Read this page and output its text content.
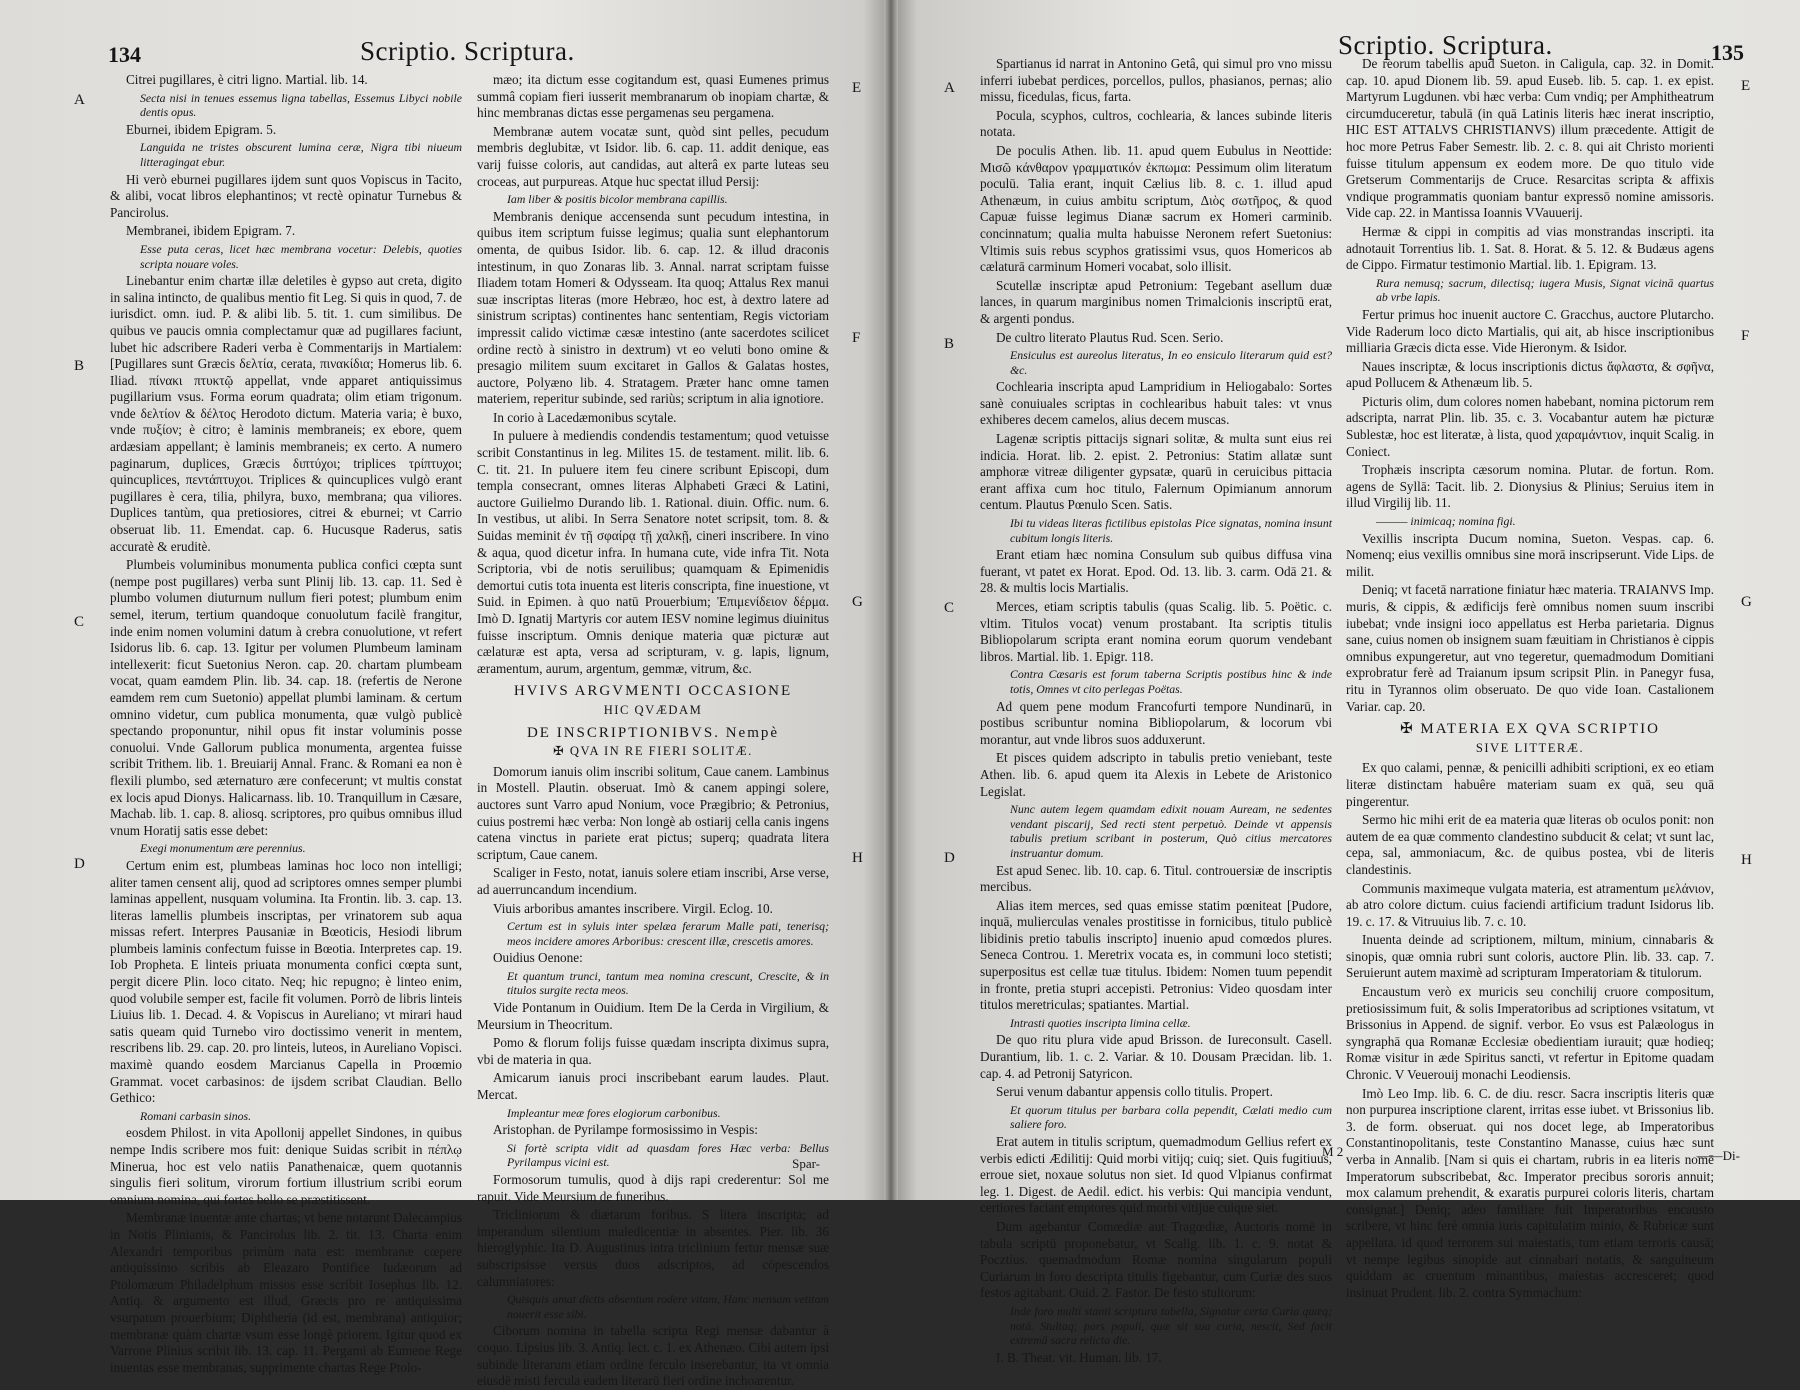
134	Scriptio. Scriptura.
A
B
C
D
E
F
G
H

Citrei pugillares, è citri ligno. Martial. lib. 14.

Secta nisi in tenues essemus ligna tabellas, Essemus Libyci nobile dentis opus.

Eburnei, ibidem Epigram. 5.

Languida ne tristes obscurent lumina ceræ, Nigra tibi niueum litteragingat ebur.

Hi verò eburnei pugillares ijdem sunt quos Vopiscus in Tacito, & alibi, vocat libros elephantinos; vt rectè opinatur Turnebus & Pancirolus.

Membranei, ibidem Epigram. 7.

Esse puta ceras, licet hæc membrana vocetur: Delebis, quoties scripta nouare voles.

Linebantur enim chartæ illæ deletiles è gypso aut creta, digito in salina intincto, de qualibus mentio fit Leg. Si quis in quod, 7. de iurisdict. omn. iud. P. & alibi lib. 5. tit. 1. cum similibus. De quibus ve paucis omnia complectamur quæ ad pugillares faciunt, lubet hic adscribere Raderi verba è Commentarijs in Martialem: [Pugillares sunt Græcis δελτία, cerata, πινακίδια; Homerus lib. 6. Iliad. πίνακι πτυκτῷ appellat, vnde apparet antiquissimus pugillarium vsus. Forma eorum quadrata; olim etiam trigonum. vnde δελτίον & δέλτος Herodoto dictum. Materia varia; è buxo, vnde πυξίον; è citro; è laminis membraneis; ex ebore, quem ardæsiam appellant; è laminis membraneis; ex certo. A numero paginarum, duplices, Græcis διπτύχοι; triplices τρίπτυχοι; quincuplices, πεντάπτυχοι. Triplices & quincuplices vulgò erant pugillares è cera, tilia, philyra, buxo, membrana; qua viliores. Duplices tantùm, qua pretiosiores, citrei & eburnei; vt Carrio obseruat lib. 11. Emendat. cap. 6. Hucusque Raderus, satis accuratè & eruditè.

Plumbeis voluminibus monumenta publica confici cœpta sunt (nempe post pugillares) verba sunt Plinij lib. 13. cap. 11. Sed è plumbo volumen diuturnum nullum fieri potest; plumbum enim semel, iterum, tertium quandoque conuolutum facilè frangitur, inde enim nomen volumini datum à crebra conuolutione, vt refert Isidorus lib. 6. cap. 13. Igitur per volumen Plumbeum laminam intellexerit: ficut Suetonius Neron. cap. 20. chartam plumbeam vocat, quam eamdem Plin. lib. 34. cap. 18. (refertis de Nerone eamdem rem cum Suetonio) appellat plumbi laminam. & certum omnino videtur, cum publica monumenta, quæ vulgò publicè spectando proponuntur, nihil opus fit instar voluminis posse conuolui. Vnde Gallorum publica monumenta, argentea fuisse scribit Trithem. lib. 1. Breuiarij Annal. Franc. & Romani ea non è flexili plumbo, sed æternaturo ære confecerunt; vt multis constat ex locis apud Dionys. Halicarnass. lib. 10. Tranquillum in Cæsare, Machab. lib. 1. cap. 8. aliosq. scriptores, pro quibus omnibus illud vnum Horatij satis esse debet:

Exegi monumentum ære perennius.

Certum enim est, plumbeas laminas hoc loco non intelligi; aliter tamen censent alij, quod ad scriptores omnes semper plumbi laminas appellent, nusquam volumina. Ita Frontin. lib. 3. cap. 13. literas lamellis plumbeis inscriptas, per vrinatorem sub aqua missas refert. Interpres Pausaniæ in Bœoticis, Hesiodi librum plumbeis laminis confectum fuisse in Bœotia. Interpretes cap. 19. Iob Propheta. E linteis priuata monumenta confici cœpta sunt, pergit dicere Plin. loco citato. Neq; hic repugno; è linteo enim, quod volubile semper est, facile fit volumen. Porrò de libris linteis Liuius lib. 1. Decad. 4. & Vopiscus in Aureliano; vt mirari haud satis queam quid Turnebo viro doctissimo venerit in mentem, rescribens lib. 29. cap. 20. pro linteis, luteos, in Aureliano Vopisci. maximè quando eosdem Marcianus Capella in Proœmio Grammat. vocet carbasinos: de ijsdem scribat Claudian. Bello Gethico:

Romani carbasin sinos.

eosdem Philost. in vita Apollonij appellet Sindones, in quibus nempe Indis scribere mos fuit: denique Suidas scribit in πέπλῳ Minerua, hoc est velo natiis Panathenaicæ, quem quotannis singulis fieri solitum, virorum fortium illustrium scribi eorum omnium nomina, qui fortes bello se præstitissent.

Membranæ inuentæ ante chartas; vt bene notarunt Dalecampius in Notis Plinianis, & Pancirolus lib. 2. tit. 13. Charta enim Alexandri temporibus primùm nata est: membranæ cœpere antiquissimo scribis ab Eleazaro Pontifice Iudæorum ad Ptolomæum Philadelphum missos esse scribit Iosephus lib. 12. Antiq. & argumento est illud, Græcis pro re antiquissima vsurpatum prouerbium; Diphtheria (id est, membrana) antiquior; membranæ quàm chartæ vsum esse longè priorem. Igitur quod ex Varrone Plinius scribit lib. 13. cap. 11. Pergami ab Eumene Rege inuentas esse membranas, supprimente chartas Rege Ptolo-

mæo; ita dictum esse cogitandum est, quasi Eumenes primus summâ copiam fieri iusserit membranarum ob inopiam chartæ, & hinc membranas dictas esse pergamenas seu pergamena.

Membranæ autem vocatæ sunt, quòd sint pelles, pecudum membris deglubitæ, vt Isidor. lib. 6. cap. 11. addit denique, eas varij fuisse coloris, aut candidas, aut alterâ ex parte luteas seu croceas, aut purpureas. Atque huc spectat illud Persij:

Iam liber & positis bicolor membrana capillis.

Membranis denique accensenda sunt pecudum intestina, in quibus item scriptum fuisse legimus; qualia sunt elephantorum omenta, de quibus Isidor. lib. 6. cap. 12. & illud draconis intestinum, in quo Zonaras lib. 3. Annal. narrat scriptam fuisse Iliadem totam Homeri & Odysseam. Ita quoq; Attalus Rex manui suæ inscriptas literas (more Hebræo, hoc est, à dextro latere ad sinistrum scriptas) continentes hanc sententiam, Regis victoriam impressit calido victimæ cæsæ intestino (ante sacerdotes scilicet ordine rectò à sinistro in dextrum) vt eo veluti bono omine & presagio militem suum excitaret in Gallos & Galatas hostes, auctore, Polyæno lib. 4. Stratagem. Præter hanc omne tamen materiem, reperitur subinde, sed rariùs; scriptum in alia ignotiore.

In corio à Lacedæmonibus scytale.

In puluere à mediendis condendis testamentum; quod vetuisse scribit Constantinus in leg. Milites 15. de testament. milit. lib. 6. C. tit. 21. In puluere item feu cinere scribunt Episcopi, dum templa consecrant, omnes literas Alphabeti Græci & Latini, auctore Guilielmo Durando lib. 1. Rational. diuin. Offic. num. 6. In vestibus, ut alibi. In Serra Senatore notet scripsit, tom. 8. & Suidas meminit ἐν τῇ σφαίρᾳ τῇ χαλκῇ, cineri inscribere. In vino & aqua, quod dicetur infra. In humana cute, vide infra Tit. Nota Scriptoria, vbi de notis seruilibus; quamquam & Epimenidis demortui cutis tota inuenta est literis conscripta, fine inuestione, vt Suid. in Epimen. à quo natū Prouerbium; Ἐπιμενίδειον δέρμα. Imò D. Ignatij Martyris cor autem IESV nomine legimus diuinitus fuisse inscriptum. Omnis denique materia quæ picturæ aut cælaturæ est apta, versa ad scripturam, v. g. lapis, lignum, æramentum, aurum, argentum, gemmæ, vitrum, &c.

HVIVS ARGVMENTI OCCASIONE
HIC QVÆDAM
DE INSCRIPTIONIBVS. Nempè
✠ QVA IN RE FIERI SOLITÆ.

Domorum ianuis olim inscribi solitum, Caue canem. Lambinus in Mostell. Plautin. obseruat. Imò & canem appingi solere, auctores sunt Varro apud Nonium, voce Prægibrio; & Petronius, cuius postremi hæc verba: Non longè ab ostiarij cella canis ingens catena vinctus in pariete erat pictus; superq; quadrata litera scriptum, Caue canem.

Scaliger in Festo, notat, ianuis solere etiam inscribi, Arse verse, ad auerruncandum incendium.

Viuis arboribus amantes inscribere. Virgil. Eclog. 10.

Certum est in syluis inter spelæa ferarum Malle pati, tenerisq; meos incidere amores Arboribus: crescent illæ, crescetis amores.

Ouidius Oenone:

Et quantum trunci, tantum mea nomina crescunt, Crescite, & in titulos surgite recta meos.

Vide Pontanum in Ouidium. Item De la Cerda in Virgilium, & Meursium in Theocritum.

Pomo & florum folijs fuisse quædam inscripta diximus supra, vbi de materia in qua.

Amicarum ianuis proci inscribebant earum laudes. Plaut. Mercat.

Impleantur meæ fores elogiorum carbonibus.

Aristophan. de Pyrilampe formosissimo in Vespis:

Si fortè scripta vidit ad quasdam fores Hæc verba: Bellus Pyrilampus vicini est.

Formosorum tumulis, quod à dijs rapi crederentur: Sol me rapuit. Vide Meursium de funeribus.

Tricliniorum & diætarum foribus. S litera inscripta; ad imperandum silentium maledicentiæ in absentes. Pier. lib. 36 hieroglyphic. Ita D. Augustinus intra triclinium fertur mensæ suæ subscripsisse versus duos adscriptos, ad cōpescendos calumniatores:

Quisquis amat dictis absentum rodere vitam, Hanc mensam vetitam nouerit esse sibi.

Ciborum nomina in tabella scripta Regi mensæ dabantur à coquo. Lipsius lib. 3. Antiq. lect. c. 1. ex Athenæo. Cibi autem ipsi subinde literarum etiam ordine ferculo inserebantur, ita vt omnia eiusdē misti fercula eadem literarū fieri ordine inchoarentur.

Spar-
135
Scriptio. Scriptura.
A
B
C
D
E
F
G
H

Spartianus id narrat in Antonino Getâ, qui simul pro vno missu inferri iubebat perdices, porcellos, pullos, phasianos, pernas; alio missu, ficedulas, ficus, farta.

Pocula, scyphos, cultros, cochlearia, & lances subinde literis notata.

De poculis Athen. lib. 11. apud quem Eubulus in Neottide: Μισῶ κάνθαρον γραμματικόν ἐκπωμα: Pessimum olim literatum poculū. Talia erant, inquit Cælius lib. 8. c. 1. illud apud Athenæum, in cuius ambitu scriptum, Διὸς σωτῆρος, & quod Capuæ fuisse legimus Dianæ sacrum ex Homeri carminib. concinnatum; qualia multa habuisse Neronem refert Suetonius: Vltimis suis rebus scyphos gratissimi vsus, quos Homericos ab cælaturā carminum Homeri vocabat, solo illisit.

Scutellæ inscriptæ apud Petronium: Tegebant asellum duæ lances, in quarum marginibus nomen Trimalcionis inscriptū erat, & argenti pondus.

De cultro literato Plautus Rud. Scen. Serio.

Ensiculus est aureolus literatus, In eo ensiculo literarum quid est? &c.

Cochlearia inscripta apud Lampridium in Heliogabalo: Sortes sanè conuiuales scriptas in cochlearibus habuit tales: vt vnus exhiberes decem camelos, alius decem muscas.

Lagenæ scriptis pittacijs signari solitæ, & multa sunt eius rei indicia. Horat. lib. 2. epist. 2. Petronius: Statim allatæ sunt amphoræ vitreæ diligenter gypsatæ, quarū in ceruicibus pittacia erant affixa cum hoc titulo, Falernum Opimianum annorum centum. Plautus Pœnulo Scen. Satis.

Ibi tu videas literas fictilibus epistolas Pice signatas, nomina insunt cubitum longis literis.

Erant etiam hæc nomina Consulum sub quibus diffusa vina fuerant, vt patet ex Horat. Epod. Od. 13. lib. 3. carm. Odā 21. & 28. & multis locis Martialis.

Merces, etiam scriptis tabulis (quas Scalig. lib. 5. Poëtic. c. vltim. Titulos vocat) venum prostabant. Ita scriptis titulis Bibliopolarum scripta erant nomina eorum quorum vendebant libros. Martial. lib. 1. Epigr. 118.

Contra Cæsaris est forum taberna Scriptis postibus hinc & inde totis, Omnes vt cito perlegas Poëtas.

Ad quem pene modum Francofurti tempore Nundinarū, in postibus scribuntur nomina Bibliopolarum, & locorum vbi morantur, aut vnde libros suos adduxerunt.

Et pisces quidem adscripto in tabulis pretio veniebant, teste Athen. lib. 6. apud quem ita Alexis in Lebete de Aristonico Legislat.

Nunc autem legem quamdam edixit nouam Auream, ne sedentes vendant piscarij, Sed recti stent perpetuò. Deinde vt appensis tabulis pretium scribant in posterum, Quò citius mercatores instruantur domum.

Est apud Senec. lib. 10. cap. 6. Titul. controuersiæ de inscriptis mercibus.

Alias item merces, sed quas emisse statim pœniteat [Pudore, inquā, mulierculas venales prostitisse in fornicibus, titulo publicè libidinis pretio tabulis inscripto] inuenio apud comœdos plures. Seneca Controu. 1. Meretrix vocata es, in communi loco stetisti; superpositus est cellæ tuæ titulus. Ibidem: Nomen tuum pependit in fronte, pretia stupri accepisti. Petronius: Video quosdam inter titulos meretriculas; spatiantes. Martial.

Intrasti quoties inscripta limina cellæ.

De quo ritu plura vide apud Brisson. de Iureconsult. Casell. Durantium, lib. 1. c. 2. Variar. & 10. Dousam Præcidan. lib. 1. cap. 4. ad Petronij Satyricon.

Serui venum dabantur appensis collo titulis. Propert.

Et quorum titulus per barbara colla pependit, Cælati medio cum saliere foro.

Erat autem in titulis scriptum, quemadmodum Gellius refert ex verbis edicti Ædilitij: Quid morbi vitijq; cuiq; siet. Quis fugitiuus, erroue siet, noxaue solutus non siet. Id quod Vlpianus confirmat leg. 1. Digest. de Aedil. edict. his verbis: Qui mancipia vendunt, certiores faciant emptores quid morbi vitijue cuique siet.

Dum agebantur Comœdiæ aut Tragœdiæ, Auctoris nomē in tabula scriptū proponebatur, vt Scalig. lib. 1. c. 9. notat & Pocztius. quemadmodum Romæ nomina singularum populi Curiarum in foro descripta titulis figebantur, cum Curiæ des suos festos agitabant. Ouid. 2. Fastor. De festo stultorum:

Inde foro multi stanti scriptura tabella, Signatur certa Curia quæq; notā. Stultaq; pars populi, quæ sit sua curia, nescit, Sed facit extremā sacra relicta die.

I. B. Theat. vit. Human. lib. 17.

De reorum tabellis apud Sueton. in Caligula, cap. 32. in Domit. cap. 10. apud Dionem lib. 59. apud Euseb. lib. 5. cap. 1. ex epist. Martyrum Lugdunen. vbi hæc verba: Cum vndiq; per Amphitheatrum circumduceretur, tabulā (in quā Latinis literis hæc inerat inscriptio, HIC EST ATTALVS CHRISTIANVS) illum præcedente. Attigit de hoc more Petrus Faber Semestr. lib. 2. c. 8. qui ait Christo morienti fuisse titulum appensum ex eodem more. De quo titulo vide Gretserum Commentarijs de Cruce. Resarcitas scripta & affixis vndique programmatis quoniam bantur expressō nomine amissoris. Vide cap. 22. in Mantissa Ioannis VVauuerij.

Hermæ & cippi in compitis ad vias monstrandas inscripti. ita adnotauit Torrentius lib. 1. Sat. 8. Horat. & 5. 12. & Budæus agens de Cippo. Firmatur testimonio Martial. lib. 1. Epigram. 13.

Rura nemusq; sacrum, dilectisq; iugera Musis, Signat vicinā quartus ab vrbe lapis.

Fertur primus hoc inuenit auctore C. Gracchus, auctore Plutarcho. Vide Raderum loco dicto Martialis, qui ait, ab hisce inscriptionibus milliaria Græcis dicta esse. Vide Hieronym. & Isidor.

Naues inscriptæ, & locus inscriptionis dictus ἄφλαστα, & σφῆνα, apud Pollucem & Athenæum lib. 5.

Picturis olim, dum colores nomen habebant, nomina pictorum rem adscripta, narrat Plin. lib. 35. c. 3. Vocabantur autem hæ picturæ Sublestæ, hoc est literatæ, à lista, quod χαραμάντιον, inquit Scalig. in Coniect.

Trophæis inscripta cæsorum nomina. Plutar. de fortun. Rom. agens de Syllā: Tacit. lib. 2. Dionysius & Plinius; Seruius item in illud Virgilij lib. 11.

——— inimicaq; nomina figi.

Vexillis inscripta Ducum nomina, Sueton. Vespas. cap. 6. Nomenq; eius vexillis omnibus sine morā inscripserunt. Vide Lips. de milit.

Deniq; vt facetā narratione finiatur hæc materia. TRAIANVS Imp. muris, & cippis, & ædificijs ferè omnibus nomen suum inscribi iubebat; vnde insigni ioco appellatus est Herba parietaria. Dignus sane, cuius nomen ob insignem suam fæuitiam in Christianos è cippis omnibus expungeretur, aut vno tegeretur, quemadmodum Domitiani exprobratur ferè ad Traianum ipsum scripsit Plin. in Panegyr fusa, ritu in Tyrannos olim obseruato. De quo vide Ioan. Castalionem Variar. cap. 20.

✠ MATERIA EX QVA SCRIPTIO
SIVE LITTERÆ.

Ex quo calami, pennæ, & penicilli adhibiti scriptioni, ex eo etiam literæ distinctam habuêre materiam suam ex quā, seu quā pingerentur.

Sermo hic mihi erit de ea materia quæ literas ob oculos ponit: non autem de ea quæ commento clandestino subducit & celat; vt sunt lac, cepa, sal, ammoniacum, &c. de quibus postea, vbi de literis clandestinis.

Communis maximeque vulgata materia, est atramentum μελάνιον, ab atro colore dictum. cuius faciendi artificium tradunt Isidorus lib. 19. c. 17. & Vitruuius lib. 7. c. 10.

Inuenta deinde ad scriptionem, miltum, minium, cinnabaris & sinopis, quæ omnia rubri sunt coloris, auctore Plin. lib. 33. cap. 7. Seruierunt autem maximè ad scripturam Imperatoriam & titulorum.

Encaustum verò ex muricis seu conchilij cruore compositum, pretiosissimum fuit, & solis Imperatoribus ad scriptiones vsitatum, vt Brissonius in Append. de signif. verbor. Eo vsus est Palæologus in syngraphā qua Romanæ Ecclesiæ obedientiam iurauit; quæ hodieq; Romæ visitur in æde Spiritus sancti, vt refertur in Epitome quadam Chronic. V Veuerouij monachi Leodiensis.

Imò Leo Imp. lib. 6. C. de diu. rescr. Sacra inscriptis literis quæ non purpurea inscriptione clarent, irritas esse iubet. vt Brissonius lib. 3. de form. obseruat. qui nos docet lege, ab Imperatoribus Constantinopolitanis, teste Constantino Manasse, cuius hæc sunt verba in Annalib. [Nam si quis ei chartam, rubris in ea literis nomē Imperatorum subscribebat, &c. Imperator precibus sororis annuit; mox calamum prehendit, & exaratis purpurei coloris literis, chartam consignat.] Deniq; adeo familiare fuit Imperatoribus encausto scribere, vt hinc ferè omnia iuris capitulatim minio, & Rubricæ sunt appellata. id quod terrorem sui maiestatis, tum etiam terroris causā; vt nempe legibus sinopide aut cinnabari notatis, & sanguineum quiddam ac cruentum minantibus, maiestas accresceret; quod insinuat Prudent. lib. 2. contra Symmachum:

M 2	——Di-
